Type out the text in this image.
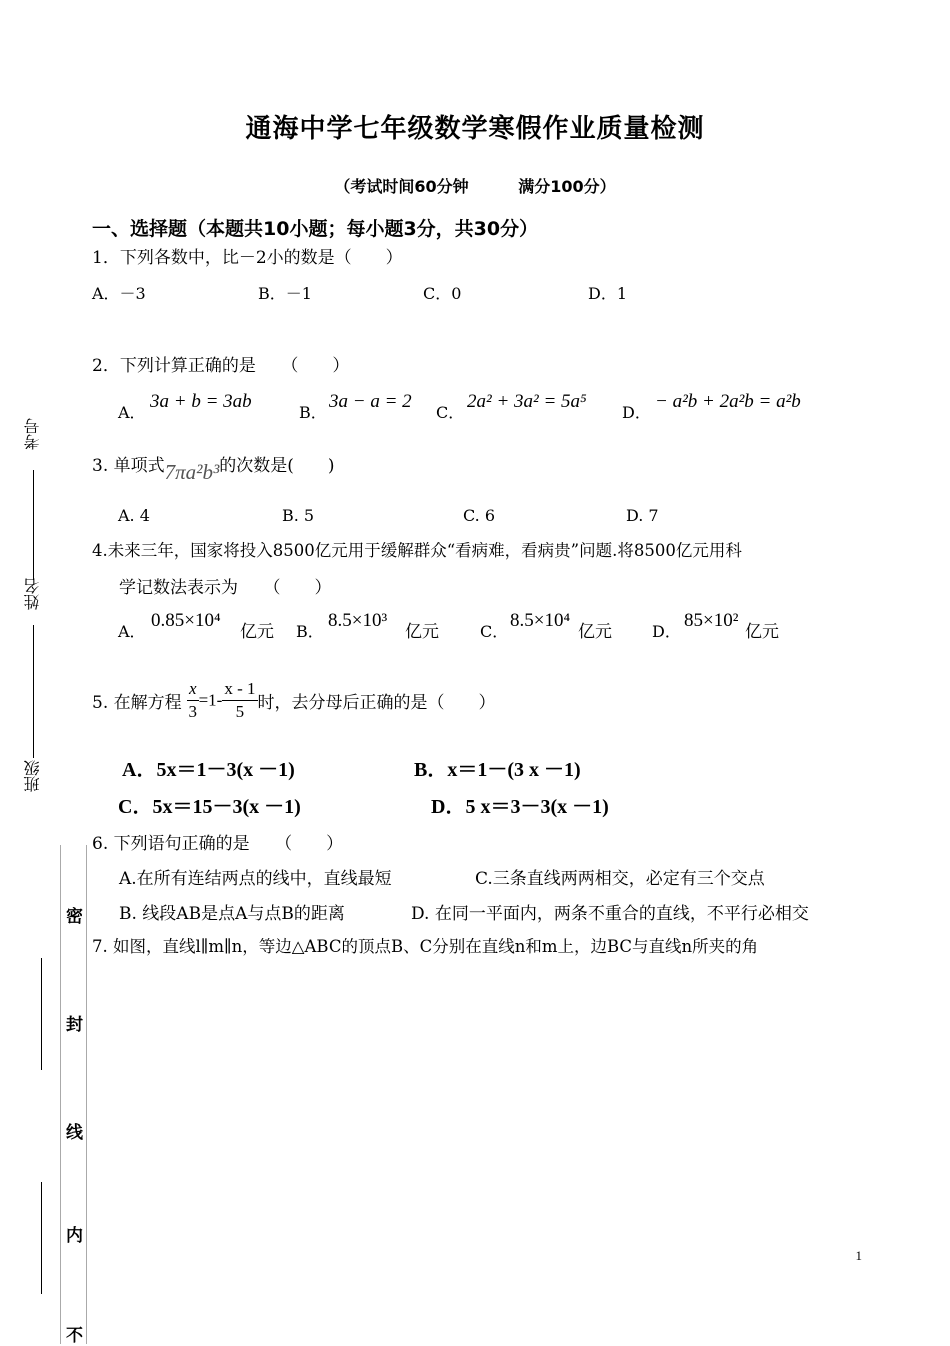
通海中学七年级数学寒假作业质量检测
（考试时间60分钟	满分100分）
一、选择题（本题共10小题；每小题3分，共30分）
1．下列各数中，比－2小的数是（　　）
A．－3	B．－1	C．0	D．1
2．下列计算正确的是　　（　　）
A．
3a + b = 3ab
B．
3a − a = 2
C．
2a² + 3a² = 5a⁵
D．
− a²b + 2a²b = a²b
3. 单项式7πa²b³的次数是(　　)
A. 4	B. 5	C. 6	D. 7
4.未来三年，国家将投入8500亿元用于缓解群众“看病难，看病贵”问题.将8500亿元用科
学记数法表示为　　（　　）
A．
0.85×10⁴
亿元 B．
8.5×10³
亿元	C．
8.5×10⁴
亿元	D．
85×10²
亿元
5. 在解方程 $\frac{x}{3} =1- \frac{x - 1}{5}$ 时，去分母后正确的是（　　）
A．5x＝1－3(x －1)	B．x＝1－(3 x －1)
C．5x＝15－3(x －1)	D．5 x＝3－3(x －1)
6. 下列语句正确的是　　（　　）
A.在所有连结两点的线中，直线最短	C.三条直线两两相交，必定有三个交点
B. 线段AB是点A与点B的距离	D. 在同一平面内，两条不重合的直线，不平行必相交
7. 如图，直线l∥m∥n，等边△ABC的顶点B、C分别在直线n和m上，边BC与直线n所夹的角
考号
姓名
班级
密
封
线
内
不
1
